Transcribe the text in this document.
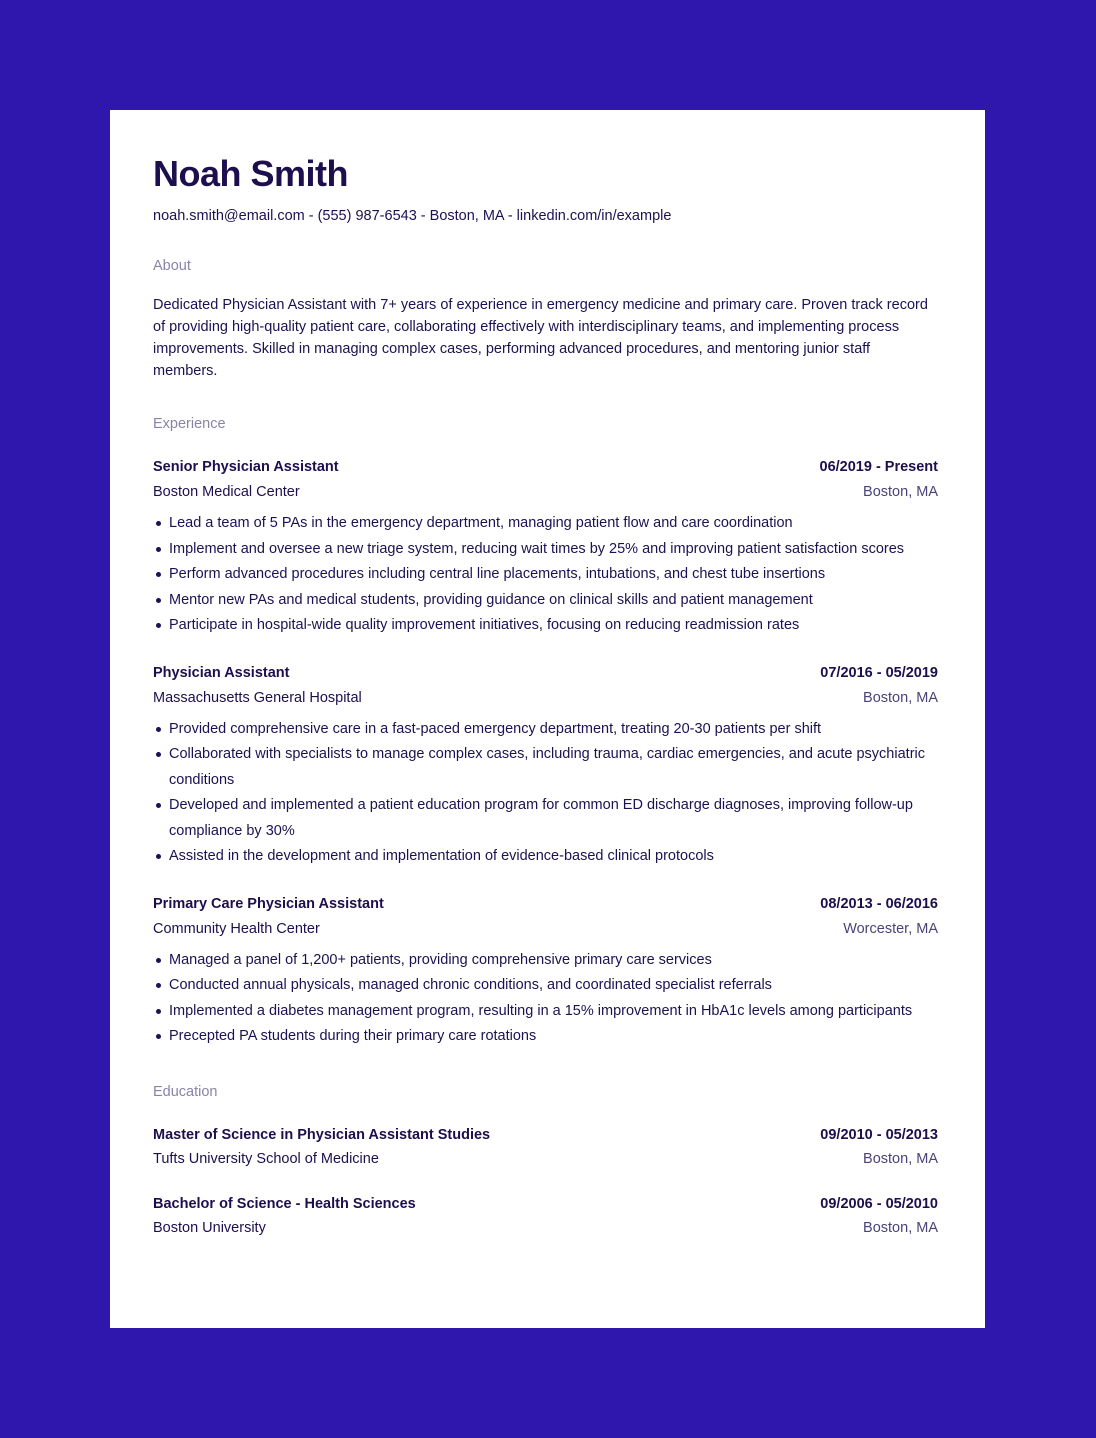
Noah Smith
noah.smith@email.com - (555) 987-6543 - Boston, MA - linkedin.com/in/example
About
Dedicated Physician Assistant with 7+ years of experience in emergency medicine and primary care. Proven track record of providing high-quality patient care, collaborating effectively with interdisciplinary teams, and implementing process improvements. Skilled in managing complex cases, performing advanced procedures, and mentoring junior staff members.
Experience
Senior Physician Assistant	06/2019 - Present
Boston Medical Center	Boston, MA
Lead a team of 5 PAs in the emergency department, managing patient flow and care coordination
Implement and oversee a new triage system, reducing wait times by 25% and improving patient satisfaction scores
Perform advanced procedures including central line placements, intubations, and chest tube insertions
Mentor new PAs and medical students, providing guidance on clinical skills and patient management
Participate in hospital-wide quality improvement initiatives, focusing on reducing readmission rates
Physician Assistant	07/2016 - 05/2019
Massachusetts General Hospital	Boston, MA
Provided comprehensive care in a fast-paced emergency department, treating 20-30 patients per shift
Collaborated with specialists to manage complex cases, including trauma, cardiac emergencies, and acute psychiatric conditions
Developed and implemented a patient education program for common ED discharge diagnoses, improving follow-up compliance by 30%
Assisted in the development and implementation of evidence-based clinical protocols
Primary Care Physician Assistant	08/2013 - 06/2016
Community Health Center	Worcester, MA
Managed a panel of 1,200+ patients, providing comprehensive primary care services
Conducted annual physicals, managed chronic conditions, and coordinated specialist referrals
Implemented a diabetes management program, resulting in a 15% improvement in HbA1c levels among participants
Precepted PA students during their primary care rotations
Education
Master of Science in Physician Assistant Studies	09/2010 - 05/2013
Tufts University School of Medicine	Boston, MA
Bachelor of Science - Health Sciences	09/2006 - 05/2010
Boston University	Boston, MA
